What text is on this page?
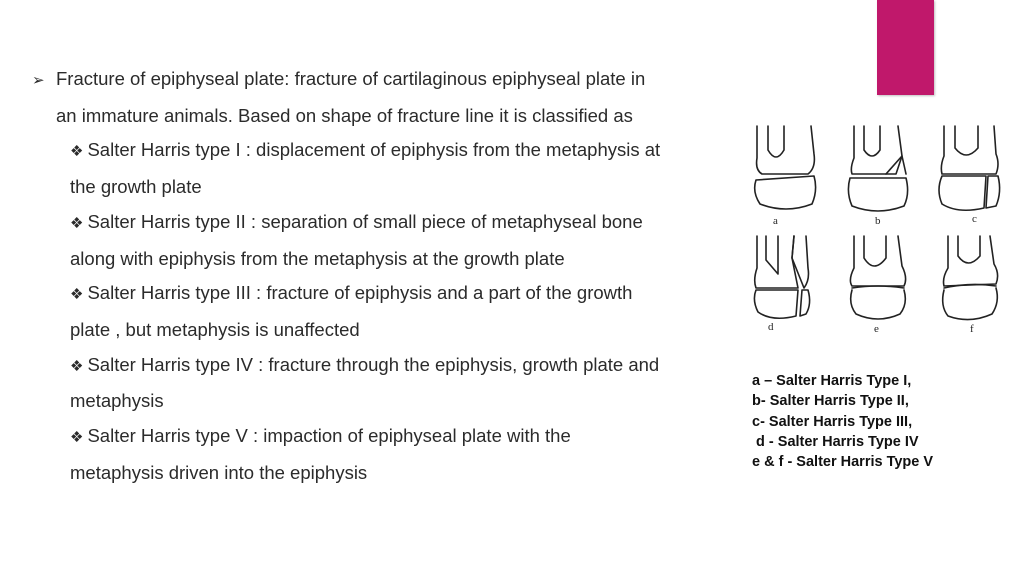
➢ Fracture of epiphyseal plate: fracture of cartilaginous epiphyseal plate in
an immature animals. Based on shape of fracture line it is classified as
❖ Salter Harris type I : displacement of epiphysis from the metaphysis at
the growth plate
❖ Salter Harris type II : separation of small piece of metaphyseal bone
along with epiphysis from the metaphysis at the growth plate
❖ Salter Harris type III : fracture of epiphysis and a part of the growth
plate , but metaphysis is unaffected
❖ Salter Harris type IV : fracture through the epiphysis, growth plate and
metaphysis
❖ Salter Harris type V : impaction of epiphyseal plate with the
metaphysis driven into the epiphysis
a	b	c
d	e	f
a – Salter Harris Type I,
b- Salter Harris Type II,
c- Salter Harris Type III,
d - Salter Harris Type IV
e & f - Salter Harris Type V
